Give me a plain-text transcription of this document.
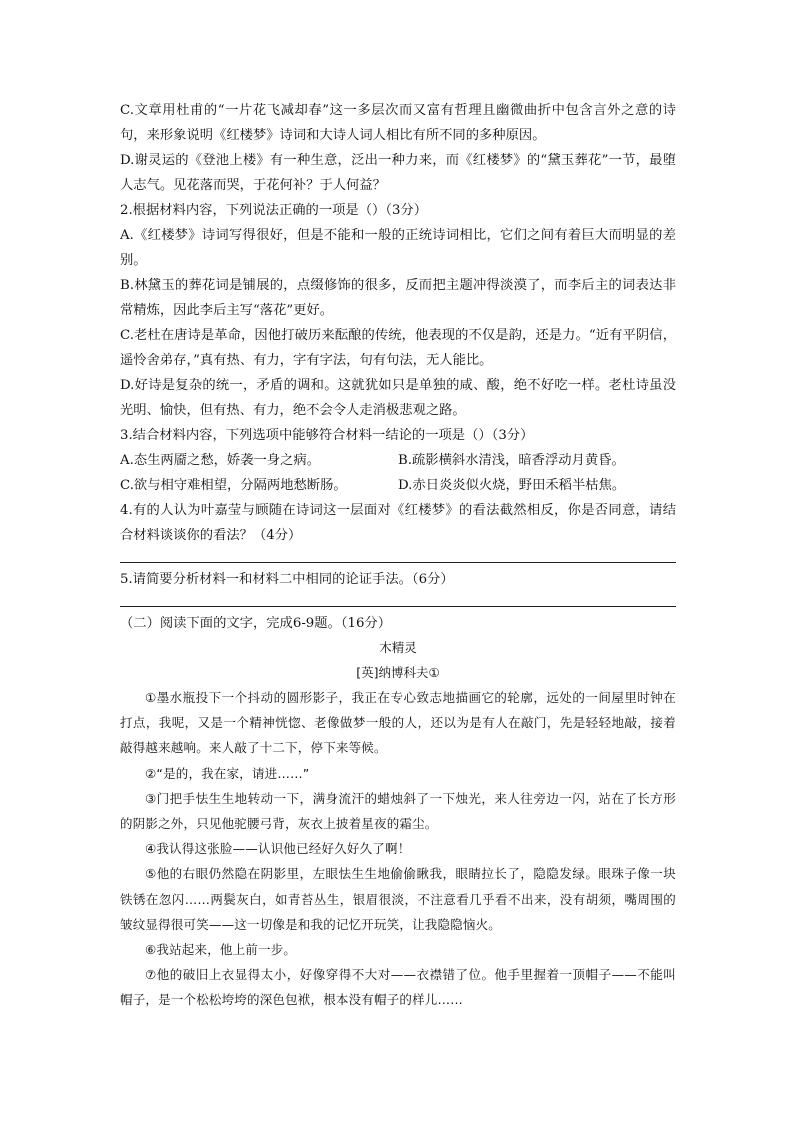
C.文章用杜甫的“一片花飞减却春”这一多层次而又富有哲理且幽微曲折中包含言外之意的诗句，来形象说明《红楼梦》诗词和大诗人词人相比有所不同的多种原因。

D.谢灵运的《登池上楼》有一种生意，泛出一种力来，而《红楼梦》的“黛玉葬花”一节，最堕人志气。见花落而哭，于花何补？于人何益？

2.根据材料内容，下列说法正确的一项是（）（3分）

A.《红楼梦》诗词写得很好，但是不能和一般的正统诗词相比，它们之间有着巨大而明显的差别。

B.林黛玉的葬花词是铺展的，点缀修饰的很多，反而把主题冲得淡漠了，而李后主的词表达非常精炼，因此李后主写“落花”更好。

C.老杜在唐诗是革命，因他打破历来酝酿的传统，他表现的不仅是韵，还是力。“近有平阴信，遥怜舍弟存，”真有热、有力，字有字法，句有句法，无人能比。

D.好诗是复杂的统一，矛盾的调和。这就犹如只是单独的咸、酸，绝不好吃一样。老杜诗虽没光明、愉快，但有热、有力，绝不会令人走消极悲观之路。

3.结合材料内容，下列选项中能够符合材料一结论的一项是（）（3分）

A.态生两靥之愁，娇袭一身之病。	B.疏影横斜水清浅，暗香浮动月黄昏。
C.欲与相守难相望，分隔两地愁断肠。	D.赤日炎炎似火烧，野田禾稻半枯焦。

4.有的人认为叶嘉莹与顾随在诗词这一层面对《红楼梦》的看法截然相反，你是否同意，请结合材料谈谈你的看法？（4分）

5.请简要分析材料一和材料二中相同的论证手法。（6分）

（二）阅读下面的文字，完成6-9题。（16分）
木精灵
[英]纳博科夫①

①墨水瓶投下一个抖动的圆形影子，我正在专心致志地描画它的轮廓，远处的一间屋里时钟在打点，我呢，又是一个精神恍惚、老像做梦一般的人，还以为是有人在敲门，先是轻轻地敲，接着敲得越来越响。来人敲了十二下，停下来等候。

②“是的，我在家，请进……”

③门把手怯生生地转动一下，满身流汗的蜡烛斜了一下烛光，来人往旁边一闪，站在了长方形的阴影之外，只见他驼腰弓背，灰衣上披着星夜的霜尘。

④我认得这张脸——认识他已经好久好久了啊！

⑤他的右眼仍然隐在阴影里，左眼怯生生地偷偷瞅我，眼睛拉长了，隐隐发绿。眼珠子像一块铁锈在忽闪……两鬓灰白，如青苔丛生，银眉很淡，不注意看几乎看不出来，没有胡须，嘴周围的皱纹显得很可笑——这一切像是和我的记忆开玩笑，让我隐隐恼火。

⑥我站起来，他上前一步。

⑦他的破旧上衣显得太小，好像穿得不大对——衣襟错了位。他手里握着一顶帽子——不能叫帽子，是一个松松垮垮的深色包袱，根本没有帽子的样儿……
